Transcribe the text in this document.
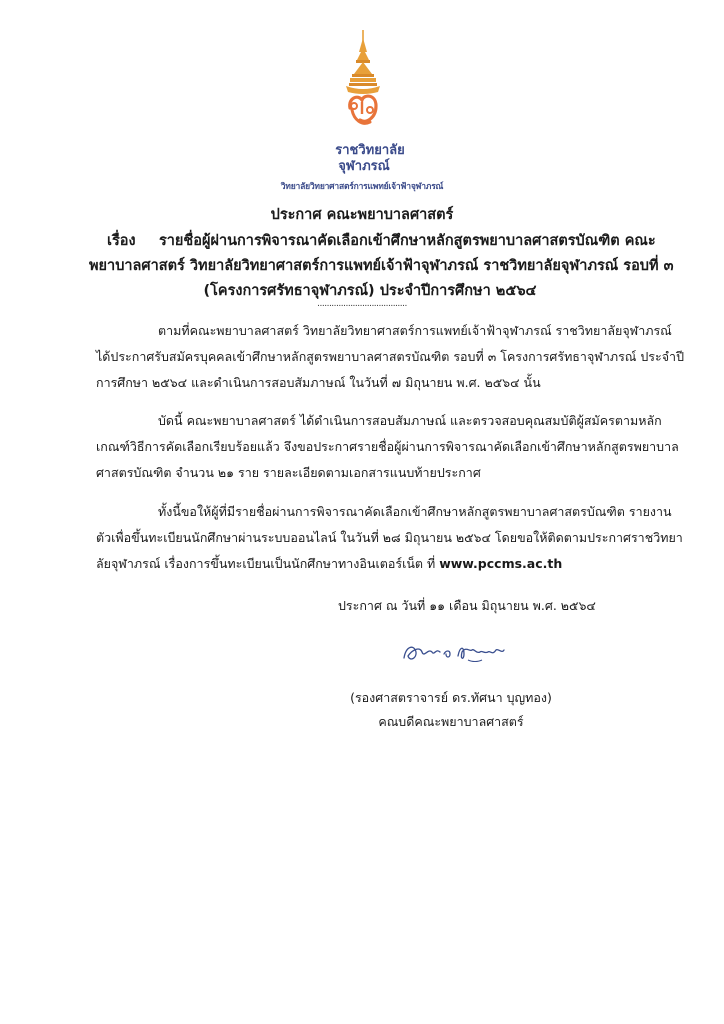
ราชวิทยาลัย
จุฬาภรณ์
วิทยาลัยวิทยาศาสตร์การแพทย์เจ้าฟ้าจุฬาภรณ์
ประกาศ คณะพยาบาลศาสตร์
เรื่อง รายชื่อผู้ผ่านการพิจารณาคัดเลือกเข้าศึกษาหลักสูตรพยาบาลศาสตรบัณฑิต คณะ
พยาบาลศาสตร์ วิทยาลัยวิทยาศาสตร์การแพทย์เจ้าฟ้าจุฬาภรณ์ ราชวิทยาลัยจุฬาภรณ์ รอบที่ ๓
(โครงการศรัทธาจุฬาภรณ์) ประจำปีการศึกษา ๒๕๖๔
......................................
ตามที่คณะพยาบาลศาสตร์ วิทยาลัยวิทยาศาสตร์การแพทย์เจ้าฟ้าจุฬาภรณ์ ราชวิทยาลัยจุฬาภรณ์
ได้ประกาศรับสมัครบุคคลเข้าศึกษาหลักสูตรพยาบาลศาสตรบัณฑิต รอบที่ ๓ โครงการศรัทธาจุฬาภรณ์ ประจำปี
การศึกษา ๒๕๖๔ และดำเนินการสอบสัมภาษณ์ ในวันที่ ๗ มิถุนายน พ.ศ. ๒๕๖๔ นั้น
บัดนี้ คณะพยาบาลศาสตร์ ได้ดำเนินการสอบสัมภาษณ์ และตรวจสอบคุณสมบัติผู้สมัครตามหลัก
เกณฑ์วิธีการคัดเลือกเรียบร้อยแล้ว จึงขอประกาศรายชื่อผู้ผ่านการพิจารณาคัดเลือกเข้าศึกษาหลักสูตรพยาบาล
ศาสตรบัณฑิต จำนวน ๒๑ ราย รายละเอียดตามเอกสารแนบท้ายประกาศ
ทั้งนี้ขอให้ผู้ที่มีรายชื่อผ่านการพิจารณาคัดเลือกเข้าศึกษาหลักสูตรพยาบาลศาสตรบัณฑิต รายงาน
ตัวเพื่อขึ้นทะเบียนนักศึกษาผ่านระบบออนไลน์ ในวันที่ ๒๘ มิถุนายน ๒๕๖๔ โดยขอให้ติดตามประกาศราชวิทยา
ลัยจุฬาภรณ์ เรื่องการขึ้นทะเบียนเป็นนักศึกษาทางอินเตอร์เน็ต ที่ www.pccms.ac.th
ประกาศ ณ วันที่ ๑๑ เดือน มิถุนายน พ.ศ. ๒๕๖๔
(รองศาสตราจารย์ ดร.ทัศนา บุญทอง)
คณบดีคณะพยาบาลศาสตร์
